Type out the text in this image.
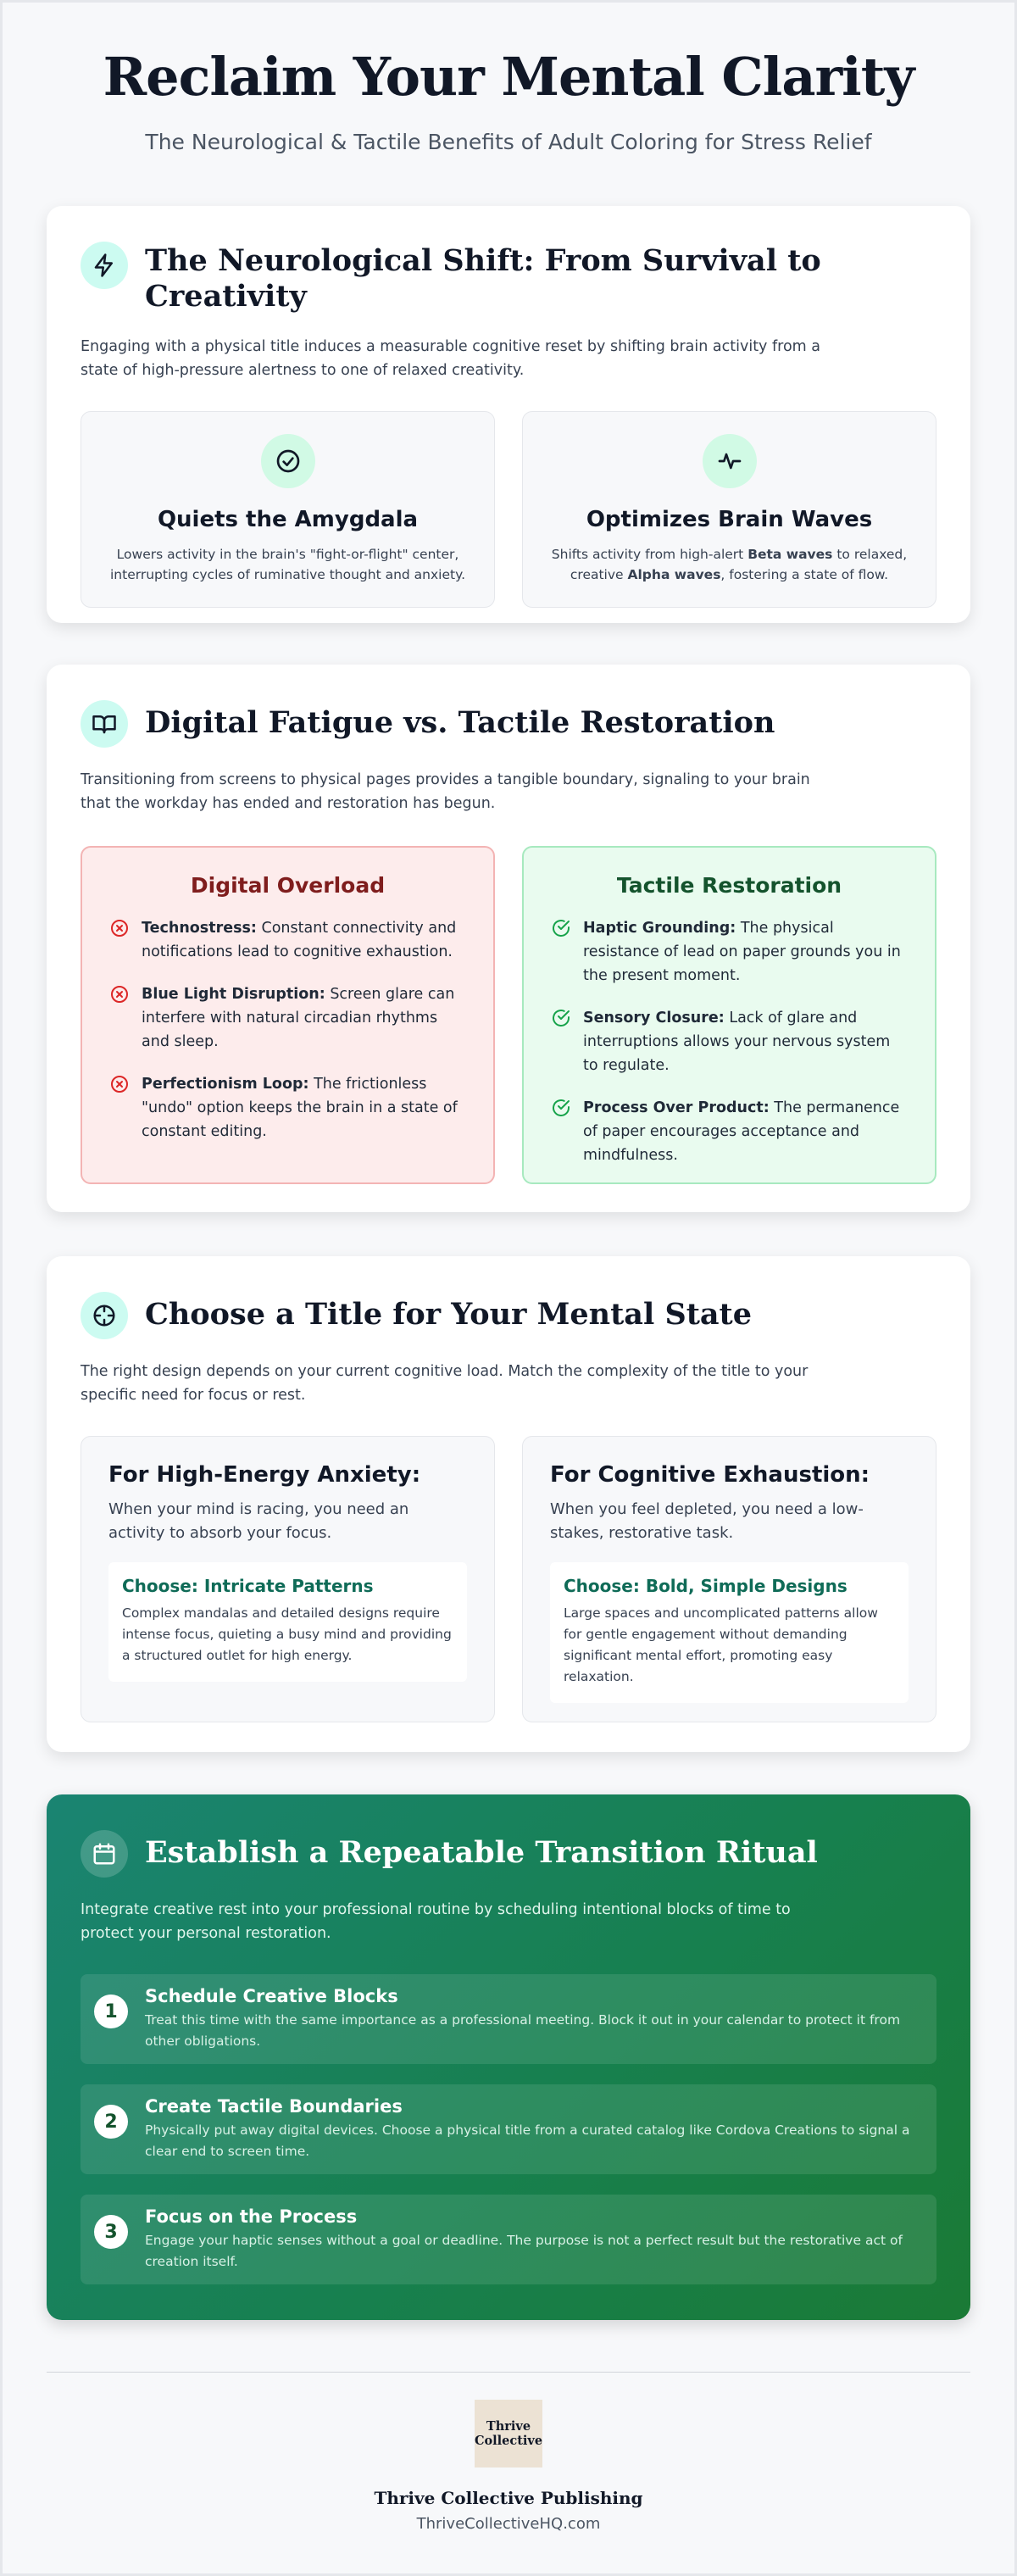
Reclaim Your Mental Clarity

The Neurological & Tactile Benefits of Adult Coloring for Stress Relief

The Neurological Shift: From Survival to Creativity

Engaging with a physical title induces a measurable cognitive reset by shifting brain activity from a state of high-pressure alertness to one of relaxed creativity.

Quiets the Amygdala

Lowers activity in the brain's "fight-or-flight" center, interrupting cycles of ruminative thought and anxiety.

Optimizes Brain Waves

Shifts activity from high-alert Beta waves to relaxed, creative Alpha waves, fostering a state of flow.

Digital Fatigue vs. Tactile Restoration

Transitioning from screens to physical pages provides a tangible boundary, signaling to your brain that the workday has ended and restoration has begun.

Digital Overload

Technostress: Constant connectivity and notifications lead to cognitive exhaustion.

Blue Light Disruption: Screen glare can interfere with natural circadian rhythms and sleep.

Perfectionism Loop: The frictionless "undo" option keeps the brain in a state of constant editing.

Tactile Restoration

Haptic Grounding: The physical resistance of lead on paper grounds you in the present moment.

Sensory Closure: Lack of glare and interruptions allows your nervous system to regulate.

Process Over Product: The permanence of paper encourages acceptance and mindfulness.

Choose a Title for Your Mental State

The right design depends on your current cognitive load. Match the complexity of the title to your specific need for focus or rest.

For High-Energy Anxiety:

When your mind is racing, you need an activity to absorb your focus.

Choose: Intricate Patterns

Complex mandalas and detailed designs require intense focus, quieting a busy mind and providing a structured outlet for high energy.

For Cognitive Exhaustion:

When you feel depleted, you need a low-stakes, restorative task.

Choose: Bold, Simple Designs

Large spaces and uncomplicated patterns allow for gentle engagement without demanding significant mental effort, promoting easy relaxation.

Establish a Repeatable Transition Ritual

Integrate creative rest into your professional routine by scheduling intentional blocks of time to protect your personal restoration.

1
Schedule Creative Blocks

Treat this time with the same importance as a professional meeting. Block it out in your calendar to protect it from other obligations.

2
Create Tactile Boundaries

Physically put away digital devices. Choose a physical title from a curated catalog like Cordova Creations to signal a clear end to screen time.

3
Focus on the Process

Engage your haptic senses without a goal or deadline. The purpose is not a perfect result but the restorative act of creation itself.

Thrive
Collective
Thrive Collective Publishing
ThriveCollectiveHQ.com
